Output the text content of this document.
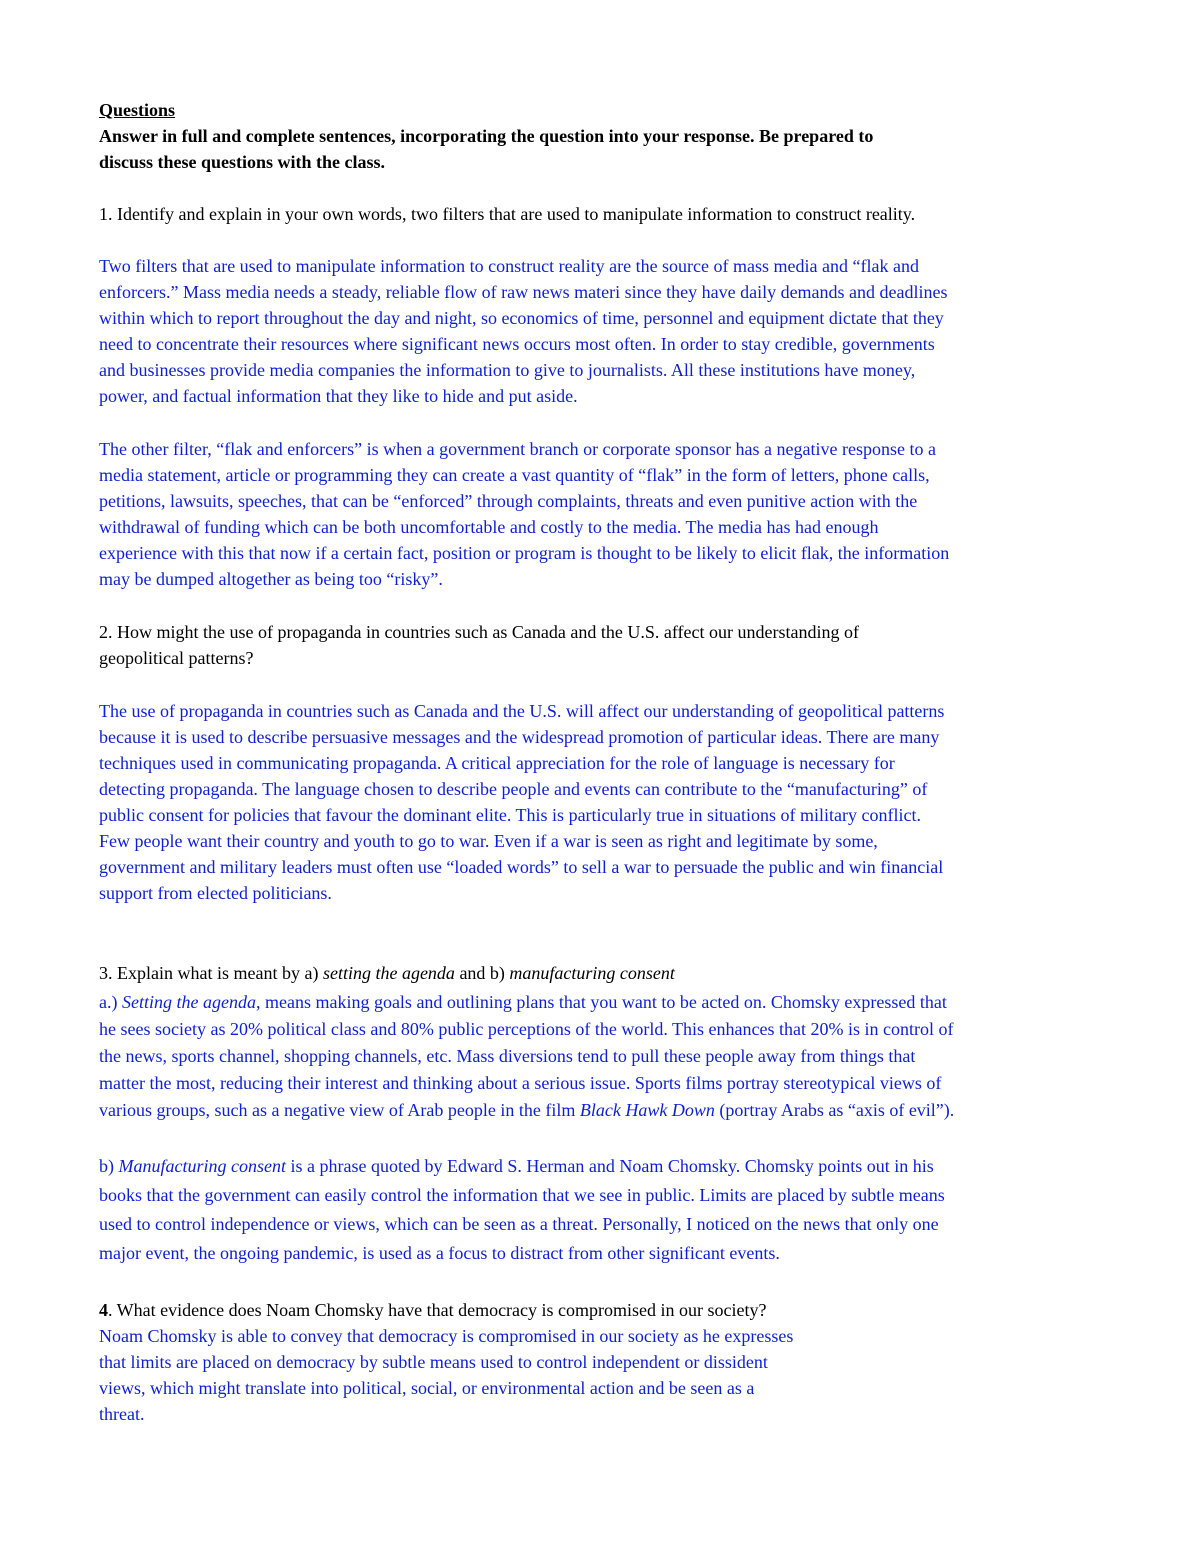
Questions
Answer in full and complete sentences, incorporating the question into your response. Be prepared to
discuss these questions with the class.
1. Identify and explain in your own words, two filters that are used to manipulate information to construct reality.
Two filters that are used to manipulate information to construct reality are the source of mass media and “flak and
enforcers.” Mass media needs a steady, reliable flow of raw news materi since they have daily demands and deadlines
within which to report throughout the day and night, so economics of time, personnel and equipment dictate that they
need to concentrate their resources where significant news occurs most often. In order to stay credible, governments
and businesses provide media companies the information to give to journalists. All these institutions have money,
power, and factual information that they like to hide and put aside.
The other filter, “flak and enforcers” is when a government branch or corporate sponsor has a negative response to a
media statement, article or programming they can create a vast quantity of “flak” in the form of letters, phone calls,
petitions, lawsuits, speeches, that can be “enforced” through complaints, threats and even punitive action with the
withdrawal of funding which can be both uncomfortable and costly to the media. The media has had enough
experience with this that now if a certain fact, position or program is thought to be likely to elicit flak, the information
may be dumped altogether as being too “risky”.
2. How might the use of propaganda in countries such as Canada and the U.S. affect our understanding of
geopolitical patterns?
The use of propaganda in countries such as Canada and the U.S. will affect our understanding of geopolitical patterns
because it is used to describe persuasive messages and the widespread promotion of particular ideas. There are many
techniques used in communicating propaganda. A critical appreciation for the role of language is necessary for
detecting propaganda. The language chosen to describe people and events can contribute to the “manufacturing” of
public consent for policies that favour the dominant elite. This is particularly true in situations of military conflict.
Few people want their country and youth to go to war. Even if a war is seen as right and legitimate by some,
government and military leaders must often use “loaded words” to sell a war to persuade the public and win financial
support from elected politicians.
3. Explain what is meant by a) setting the agenda and b) manufacturing consent
a.) Setting the agenda, means making goals and outlining plans that you want to be acted on. Chomsky expressed that
he sees society as 20% political class and 80% public perceptions of the world. This enhances that 20% is in control of
the news, sports channel, shopping channels, etc. Mass diversions tend to pull these people away from things that
matter the most, reducing their interest and thinking about a serious issue. Sports films portray stereotypical views of
various groups, such as a negative view of Arab people in the film Black Hawk Down (portray Arabs as “axis of evil”).
b) Manufacturing consent is a phrase quoted by Edward S. Herman and Noam Chomsky. Chomsky points out in his
books that the government can easily control the information that we see in public. Limits are placed by subtle means
used to control independence or views, which can be seen as a threat. Personally, I noticed on the news that only one
major event, the ongoing pandemic, is used as a focus to distract from other significant events.
4. What evidence does Noam Chomsky have that democracy is compromised in our society?
Noam Chomsky is able to convey that democracy is compromised in our society as he expresses
that limits are placed on democracy by subtle means used to control independent or dissident
views, which might translate into political, social, or environmental action and be seen as a
threat.
